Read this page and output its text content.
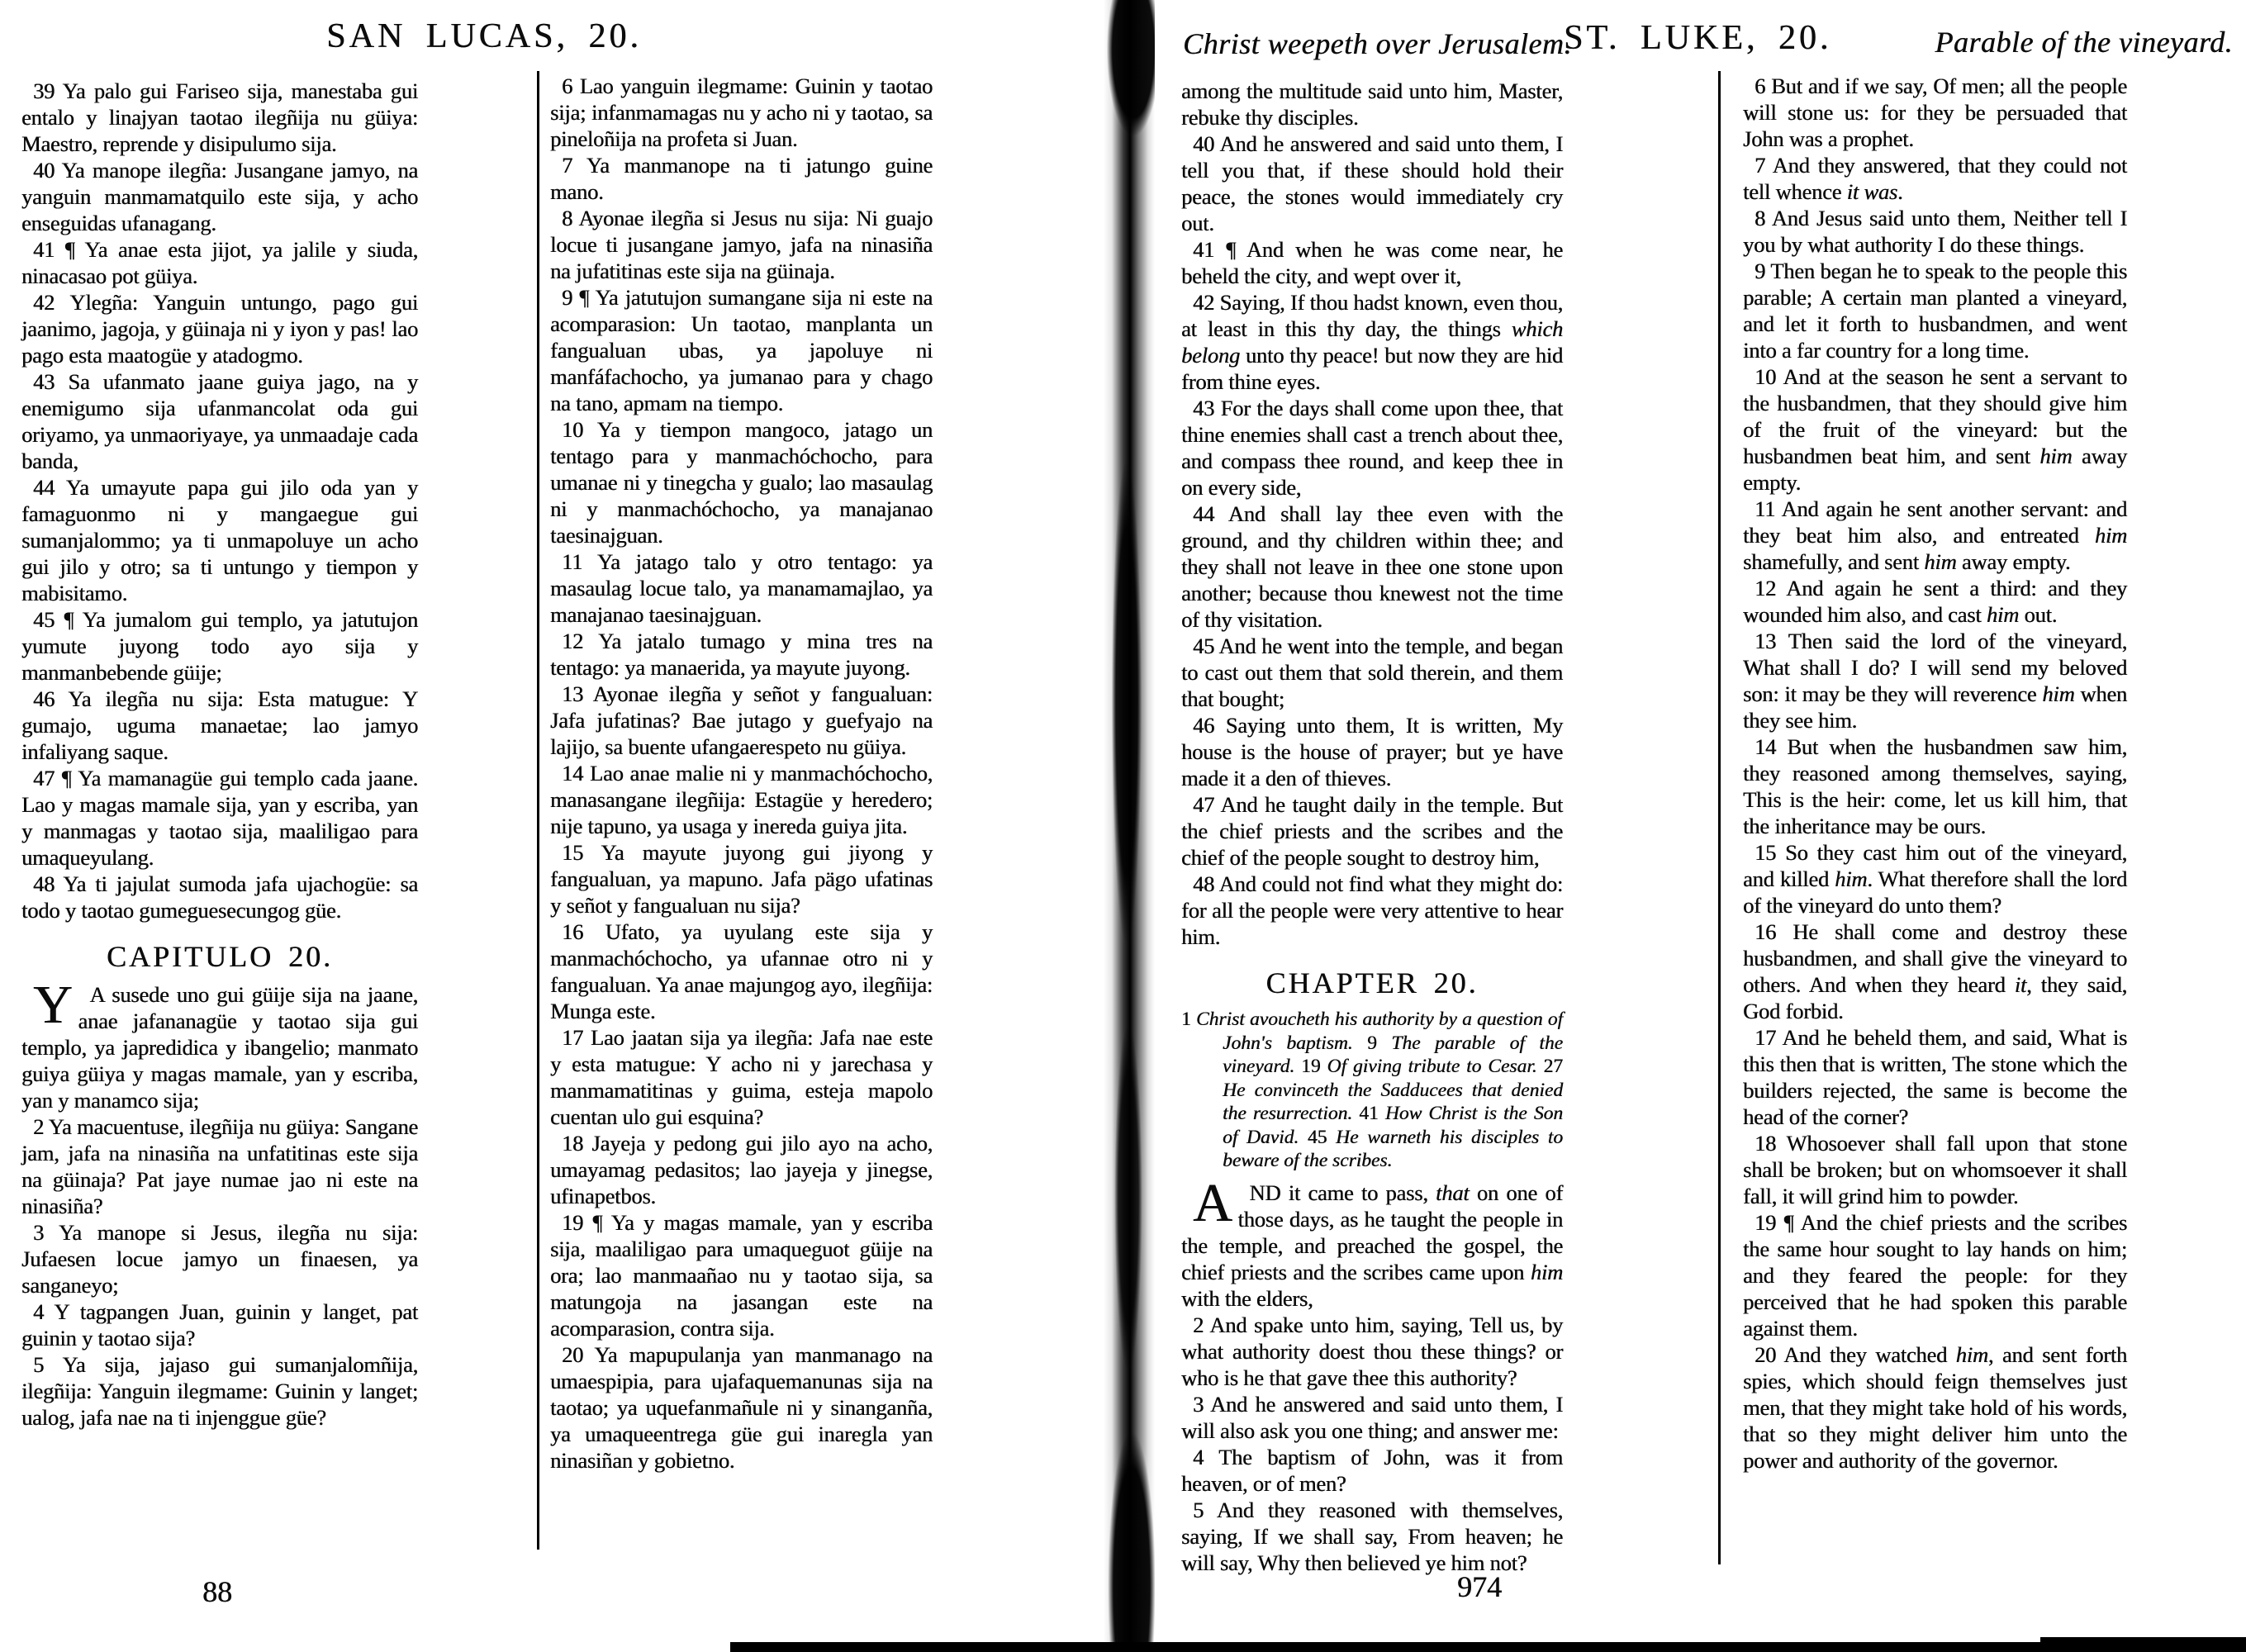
SAN LUCAS, 20.

39 Ya palo gui Fariseo sija, manestaba gui entalo y linajyan taotao ilegñija nu güiya: Maestro, reprende y disipulumo sija.

40 Ya manope ilegña: Jusangane jamyo, na yanguin manmamatquilo este sija, y acho enseguidas ufanagang.

41 ¶ Ya anae esta jijot, ya jalile y siuda, ninacasao pot güiya.

42 Ylegña: Yanguin untungo, pago gui jaanimo, jagoja, y güinaja ni y iyon y pas! lao pago esta maatogüe y atadogmo.

43 Sa ufanmato jaane guiya jago, na y enemigumo sija ufanmancolat oda gui oriyamo, ya unmaoriyaye, ya unmaadaje cada banda,

44 Ya umayute papa gui jilo oda yan y famaguonmo ni y mangaegue gui sumanjalommo; ya ti unmapoluye un acho gui jilo y otro; sa ti untungo y tiempon y mabisitamo.

45 ¶ Ya jumalom gui templo, ya jatutujon yumute juyong todo ayo sija y manmanbebende güije;

46 Ya ilegña nu sija: Esta matugue: Y gumajo, uguma manaetae; lao jamyo infaliyang saque.

47 ¶ Ya mamanagüe gui templo cada jaane. Lao y magas mamale sija, yan y escriba, yan y manmagas y taotao sija, maaliligao para umaqueyulang.

48 Ya ti jajulat sumoda jafa ujachogüe: sa todo y taotao gumeguesecungog güe.

CAPITULO 20.

Y A susede uno gui güije sija na jaane, anae jafananagüe y taotao sija gui templo, ya japredidica y ibangelio; manmato guiya güiya y magas mamale, yan y escriba, yan y manamco sija;

2 Ya macuentuse, ilegñija nu güiya: Sangane jam, jafa na ninasiña na unfatitinas este sija na güinaja? Pat jaye numae jao ni este na ninasiña?

3 Ya manope si Jesus, ilegña nu sija: Jufaesen locue jamyo un finaesen, ya sanganeyo;

4 Y tagpangen Juan, guinin y langet, pat guinin y taotao sija?

5 Ya sija, jajaso gui sumanjalomñija, ilegñija: Yanguin ilegmame: Guinin y langet; ualog, jafa nae na ti injenggue güe?

6 Lao yanguin ilegmame: Guinin y taotao sija; infanmamagas nu y acho ni y taotao, sa pineloñija na profeta si Juan.

7 Ya manmanope na ti jatungo guine mano.

8 Ayonae ilegña si Jesus nu sija: Ni guajo locue ti jusangane jamyo, jafa na ninasiña na jufatitinas este sija na güinaja.

9 ¶ Ya jatutujon sumangane sija ni este na acomparasion: Un taotao, manplanta un fangualuan ubas, ya japoluye ni manfáfachocho, ya jumanao para y chago na tano, apmam na tiempo.

10 Ya y tiempon mangoco, jatago un tentago para y manmachóchocho, para umanae ni y tinegcha y gualo; lao masaulag ni y manmachóchocho, ya manajanao taesinajguan.

11 Ya jatago talo y otro tentago: ya masaulag locue talo, ya manamamajlao, ya manajanao taesinajguan.

12 Ya jatalo tumago y mina tres na tentago: ya manaerida, ya mayute juyong.

13 Ayonae ilegña y señot y fangualuan: Jafa jufatinas? Bae jutago y guefyajo na lajijo, sa buente ufangaerespeto nu güiya.

14 Lao anae malie ni y manmachóchocho, manasangane ilegñija: Estagüe y heredero; nije tapuno, ya usaga y inereda guiya jita.

15 Ya mayute juyong gui jiyong y fangualuan, ya mapuno. Jafa pägo ufatinas y señot y fangualuan nu sija?

16 Ufato, ya uyulang este sija y manmachóchocho, ya ufannae otro ni y fangualuan. Ya anae majungog ayo, ilegñija: Munga este.

17 Lao jaatan sija ya ilegña: Jafa nae este y esta matugue: Y acho ni y jarechasa y manmamatitinas y guima, esteja mapolo cuentan ulo gui esquina?

18 Jayeja y pedong gui jilo ayo na acho, umayamag pedasitos; lao jayeja y jinegse, ufinapetbos.

19 ¶ Ya y magas mamale, yan y escriba sija, maaliligao para umaqueguot güije na ora; lao manmaañao nu y taotao sija, sa matungoja na jasangan este na acomparasion, contra sija.

20 Ya mapupulanja yan manmanago na umaespipia, para ujafaquemanunas sija na taotao; ya uquefanmañule ni y sinanganña, ya umaqueentrega güe gui inaregla yan ninasiñan y gobietno.

88
Christ weepeth over Jerusalem.
ST. LUKE, 20.	Parable of the vineyard.

among the multitude said unto him, Master, rebuke thy disciples.

40 And he answered and said unto them, I tell you that, if these should hold their peace, the stones would immediately cry out.

41 ¶ And when he was come near, he beheld the city, and wept over it,

42 Saying, If thou hadst known, even thou, at least in this thy day, the things which belong unto thy peace! but now they are hid from thine eyes.

43 For the days shall come upon thee, that thine enemies shall cast a trench about thee, and compass thee round, and keep thee in on every side,

44 And shall lay thee even with the ground, and thy children within thee; and they shall not leave in thee one stone upon another; because thou knewest not the time of thy visitation.

45 And he went into the temple, and began to cast out them that sold therein, and them that bought;

46 Saying unto them, It is written, My house is the house of prayer; but ye have made it a den of thieves.

47 And he taught daily in the temple. But the chief priests and the scribes and the chief of the people sought to destroy him,

48 And could not find what they might do: for all the people were very attentive to hear him.

CHAPTER 20.

1 Christ avoucheth his authority by a question of John's baptism. 9 The parable of the vineyard. 19 Of giving tribute to Cesar. 27 He convinceth the Sadducees that denied the resurrection. 41 How Christ is the Son of David. 45 He warneth his disciples to beware of the scribes.

AND it came to pass, that on one of those days, as he taught the people in the temple, and preached the gospel, the chief priests and the scribes came upon him with the elders,

2 And spake unto him, saying, Tell us, by what authority doest thou these things? or who is he that gave thee this authority?

3 And he answered and said unto them, I will also ask you one thing; and answer me:

4 The baptism of John, was it from heaven, or of men?

5 And they reasoned with themselves, saying, If we shall say, From heaven; he will say, Why then believed ye him not?

6 But and if we say, Of men; all the people will stone us: for they be persuaded that John was a prophet.

7 And they answered, that they could not tell whence it was.

8 And Jesus said unto them, Neither tell I you by what authority I do these things.

9 Then began he to speak to the people this parable; A certain man planted a vineyard, and let it forth to husbandmen, and went into a far country for a long time.

10 And at the season he sent a servant to the husbandmen, that they should give him of the fruit of the vineyard: but the husbandmen beat him, and sent him away empty.

11 And again he sent another servant: and they beat him also, and entreated him shamefully, and sent him away empty.

12 And again he sent a third: and they wounded him also, and cast him out.

13 Then said the lord of the vineyard, What shall I do? I will send my beloved son: it may be they will reverence him when they see him.

14 But when the husbandmen saw him, they reasoned among themselves, saying, This is the heir: come, let us kill him, that the inheritance may be ours.

15 So they cast him out of the vineyard, and killed him. What therefore shall the lord of the vineyard do unto them?

16 He shall come and destroy these husbandmen, and shall give the vineyard to others. And when they heard it, they said, God forbid.

17 And he beheld them, and said, What is this then that is written, The stone which the builders rejected, the same is become the head of the corner?

18 Whosoever shall fall upon that stone shall be broken; but on whomsoever it shall fall, it will grind him to powder.

19 ¶ And the chief priests and the scribes the same hour sought to lay hands on him; and they feared the people: for they perceived that he had spoken this parable against them.

20 And they watched him, and sent forth spies, which should feign themselves just men, that they might take hold of his words, that so they might deliver him unto the power and authority of the governor.

974
